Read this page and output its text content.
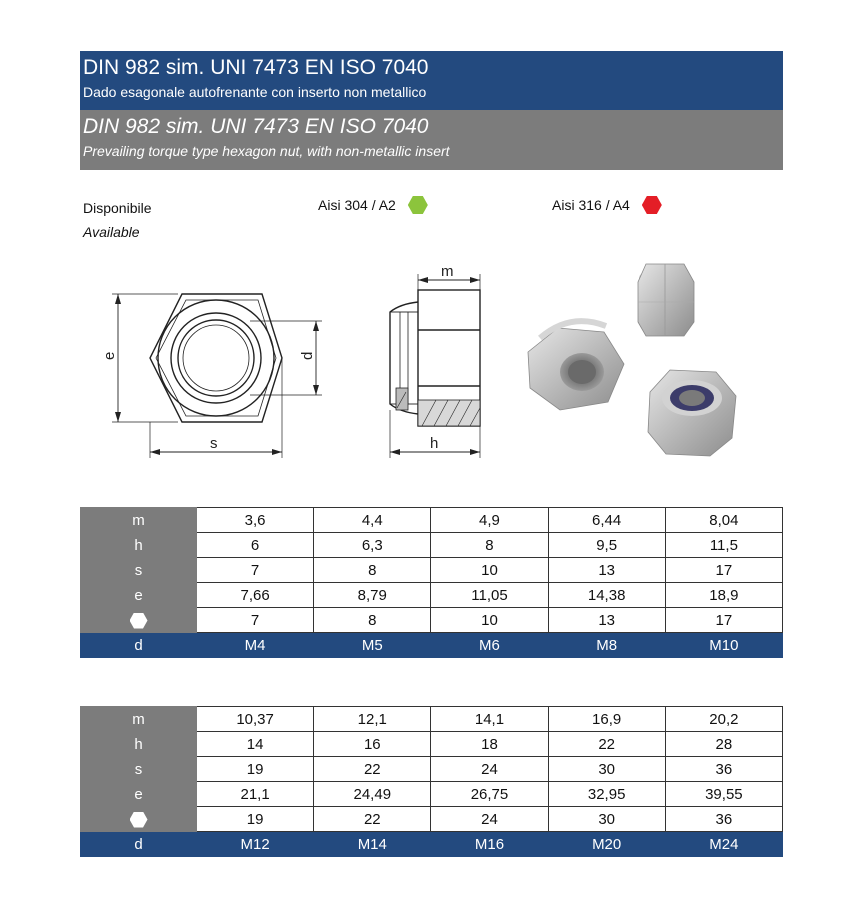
DIN 982 sim. UNI 7473 EN ISO 7040
Dado esagonale autofrenante con inserto non metallico
DIN 982 sim. UNI 7473 EN ISO 7040
Prevailing torque type hexagon nut, with non-metallic insert
Disponibile
Available
Aisi 304 / A2	Aisi 316 / A4
e
s
d
m
h
m	3,6	4,4	4,9	6,44	8,04
h	6	6,3	8	9,5	11,5
s	7	8	10	13	17
e	7,66	8,79	11,05	14,38	18,9
	7	8	10	13	17
d	M4	M5	M6	M8	M10
m	10,37	12,1	14,1	16,9	20,2
h	14	16	18	22	28
s	19	22	24	30	36
e	21,1	24,49	26,75	32,95	39,55
	19	22	24	30	36
d	M12	M14	M16	M20	M24
